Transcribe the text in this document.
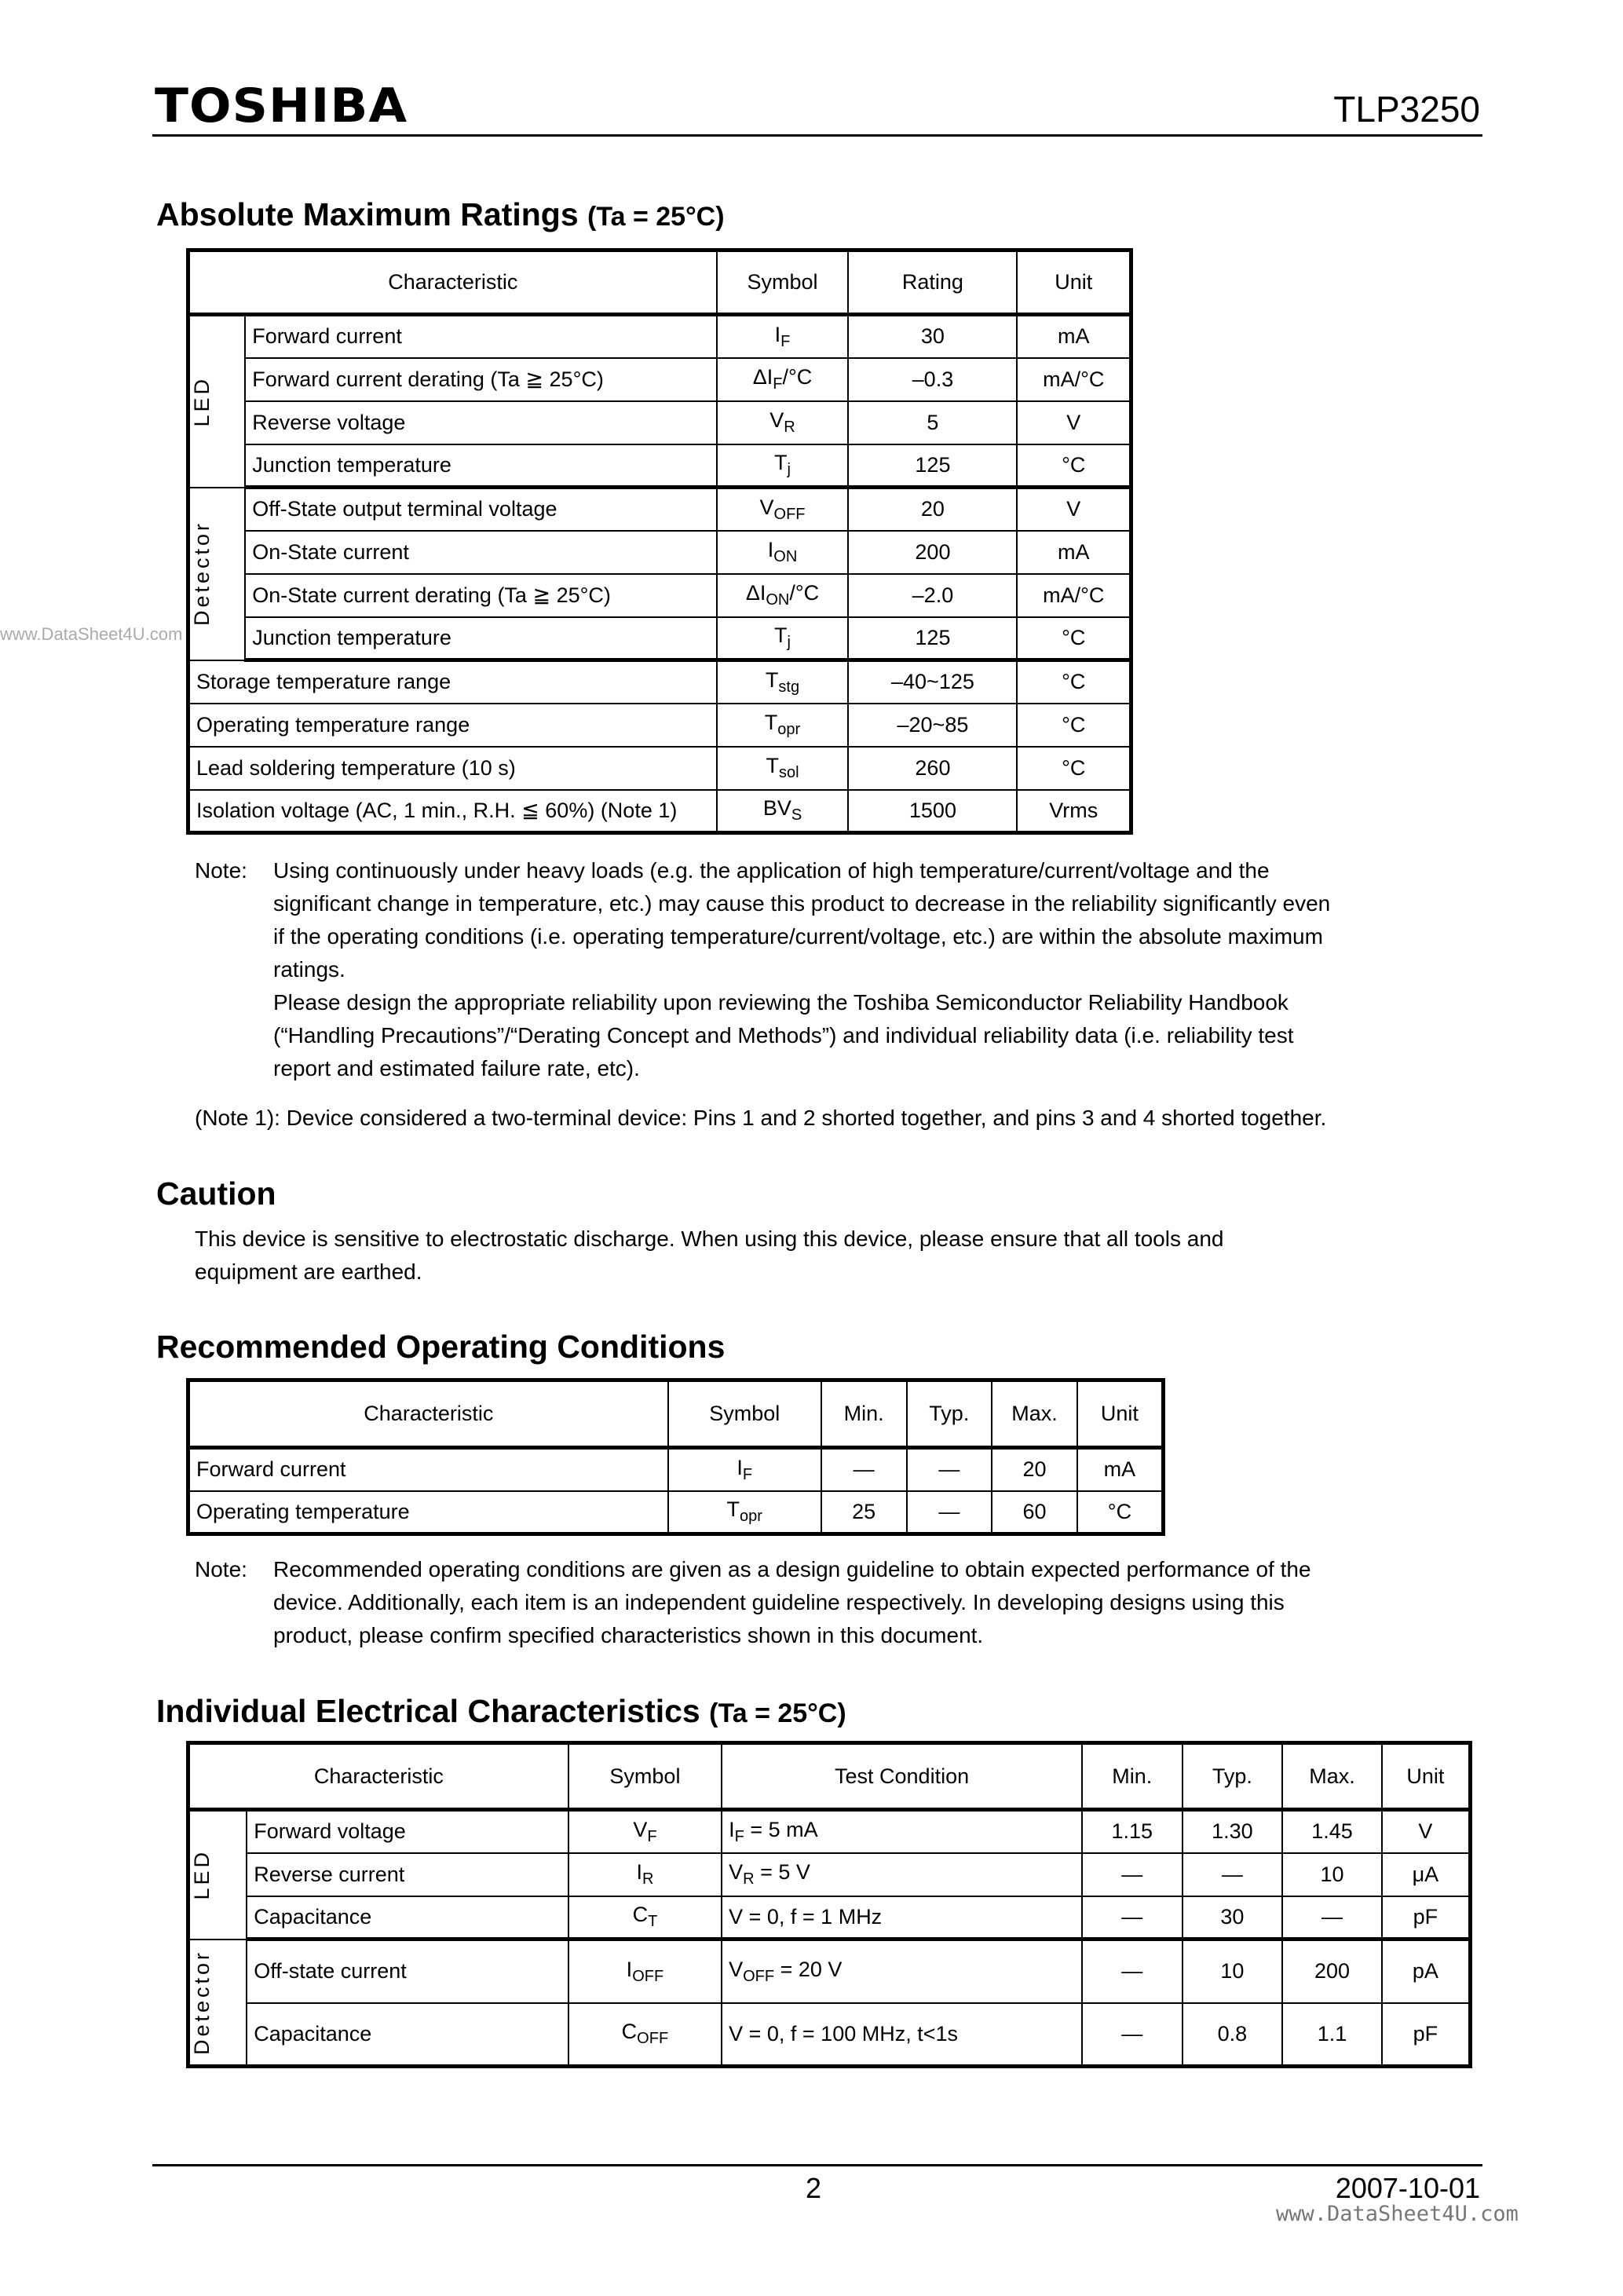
TOSHIBA	TLP3250
Absolute Maximum Ratings (Ta = 25°C)
Characteristic		Symbol	Rating	Unit

LED	Forward current	$I_F$	30	mA
	Forward current derating (Ta ≧ 25°C)	$\Delta I_F/^\circ C$	–0.3	mA/°C
	Reverse voltage	$V_R$	5	V
	Junction temperature	$T_j$	125	°C

Detector	Off-State output terminal voltage	$V_{OFF}$	20	V
	On-State current	$I_{ON}$	200	mA
	On-State current derating (Ta ≧ 25°C)	$\Delta I_{ON}/^\circ C$	–2.0	mA/°C
	Junction temperature	$T_j$	125	°C
Storage temperature range		$T_{stg}$	–40~125	°C
Operating temperature range		$T_{opr}$	–20~85	°C
Lead soldering temperature (10 s)		$T_{sol}$	260	°C
Isolation voltage (AC, 1 min., R.H. ≦ 60%) (Note 1)		$BV_S$	1500	Vrms
Note: Using continuously under heavy loads (e.g. the application of high temperature/current/voltage and the
significant change in temperature, etc.) may cause this product to decrease in the reliability significantly even
if the operating conditions (i.e. operating temperature/current/voltage, etc.) are within the absolute maximum
ratings.
Please design the appropriate reliability upon reviewing the Toshiba Semiconductor Reliability Handbook
(“Handling Precautions”/“Derating Concept and Methods”) and individual reliability data (i.e. reliability test
report and estimated failure rate, etc).
(Note 1): Device considered a two-terminal device: Pins 1 and 2 shorted together, and pins 3 and 4 shorted together.
Caution
This device is sensitive to electrostatic discharge. When using this device, please ensure that all tools and
equipment are earthed.
Recommended Operating Conditions
Characteristic	Symbol	Min.	Typ.	Max.	Unit
Forward current	$I_F$	—	—	20	mA
Operating temperature	$T_{opr}$	25	—	60	°C
Note: Recommended operating conditions are given as a design guideline to obtain expected performance of the
device. Additionally, each item is an independent guideline respectively. In developing designs using this
product, please confirm specified characteristics shown in this document.
Individual Electrical Characteristics (Ta = 25°C)
Characteristic		Symbol	Test Condition	Min.	Typ.	Max.	Unit

LED	Forward voltage	$V_F$	$I_F = 5$ mA	1.15	1.30	1.45	V
	Reverse current	$I_R$	$V_R = 5$ V	—	—	10	μA
	Capacitance	$C_T$	V = 0, f = 1 MHz	—	30	—	pF

Detector	Off-state current	$I_{OFF}$	$V_{OFF} = 20$ V	—	10	200	pA
	Capacitance	$C_{OFF}$	V = 0, f = 100 MHz, t<1s	—	0.8	1.1	pF
2	2007-10-01
www.DataSheet4U.com
www.DataSheet4U.com
